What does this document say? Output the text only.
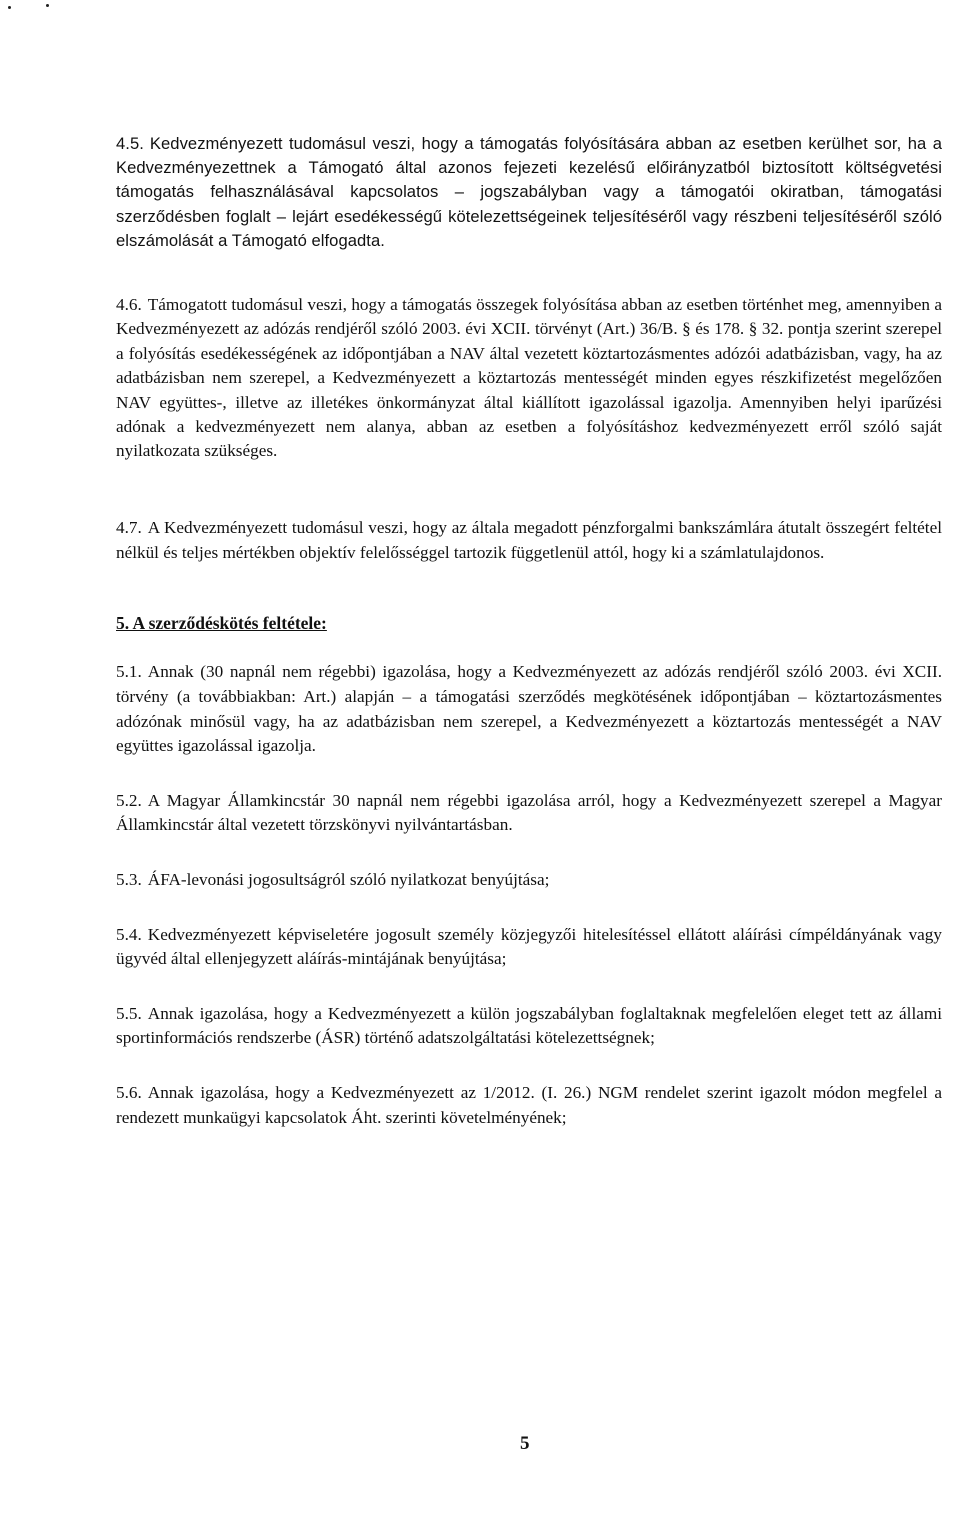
4.5. Kedvezményezett tudomásul veszi, hogy a támogatás folyósítására abban az esetben kerülhet sor, ha a Kedvezményezettnek a Támogató által azonos fejezeti kezelésű előirányzatból biztosított költségvetési támogatás felhasználásával kapcsolatos – jogszabályban vagy a támogatói okiratban, támogatási szerződésben foglalt – lejárt esedékességű kötelezettségeinek teljesítéséről vagy részbeni teljesítéséről szóló elszámolását a Támogató elfogadta.

4.6. Támogatott tudomásul veszi, hogy a támogatás összegek folyósítása abban az esetben történhet meg, amennyiben a Kedvezményezett az adózás rendjéről szóló 2003. évi XCII. törvényt (Art.) 36/B. § és 178. § 32. pontja szerint szerepel a folyósítás esedékességének az időpontjában a NAV által vezetett köztartozásmentes adózói adatbázisban, vagy, ha az adatbázisban nem szerepel, a Kedvezményezett a köztartozás mentességét minden egyes részkifizetést megelőzően NAV együttes-, illetve az illetékes önkormányzat által kiállított igazolással igazolja. Amennyiben helyi iparűzési adónak a kedvezményezett nem alanya, abban az esetben a folyósításhoz kedvezményezett erről szóló saját nyilatkozata szükséges.

4.7. A Kedvezményezett tudomásul veszi, hogy az általa megadott pénzforgalmi bankszámlára átutalt összegért feltétel nélkül és teljes mértékben objektív felelősséggel tartozik függetlenül attól, hogy ki a számlatulajdonos.

5. A szerződéskötés feltétele:

5.1. Annak (30 napnál nem régebbi) igazolása, hogy a Kedvezményezett az adózás rendjéről szóló 2003. évi XCII. törvény (a továbbiakban: Art.) alapján – a támogatási szerződés megkötésének időpontjában – köztartozásmentes adózónak minősül vagy, ha az adatbázisban nem szerepel, a Kedvezményezett a köztartozás mentességét a NAV együttes igazolással igazolja.

5.2. A Magyar Államkincstár 30 napnál nem régebbi igazolása arról, hogy a Kedvezményezett szerepel a Magyar Államkincstár által vezetett törzskönyvi nyilvántartásban.

5.3. ÁFA-levonási jogosultságról szóló nyilatkozat benyújtása;

5.4. Kedvezményezett képviseletére jogosult személy közjegyzői hitelesítéssel ellátott aláírási címpéldányának vagy ügyvéd által ellenjegyzett aláírás-mintájának benyújtása;

5.5. Annak igazolása, hogy a Kedvezményezett a külön jogszabályban foglaltaknak megfelelően eleget tett az állami sportinformációs rendszerbe (ÁSR) történő adatszolgáltatási kötelezettségnek;

5.6. Annak igazolása, hogy a Kedvezményezett az 1/2012. (I. 26.) NGM rendelet szerint igazolt módon megfelel a rendezett munkaügyi kapcsolatok Áht. szerinti követelményének;

5
